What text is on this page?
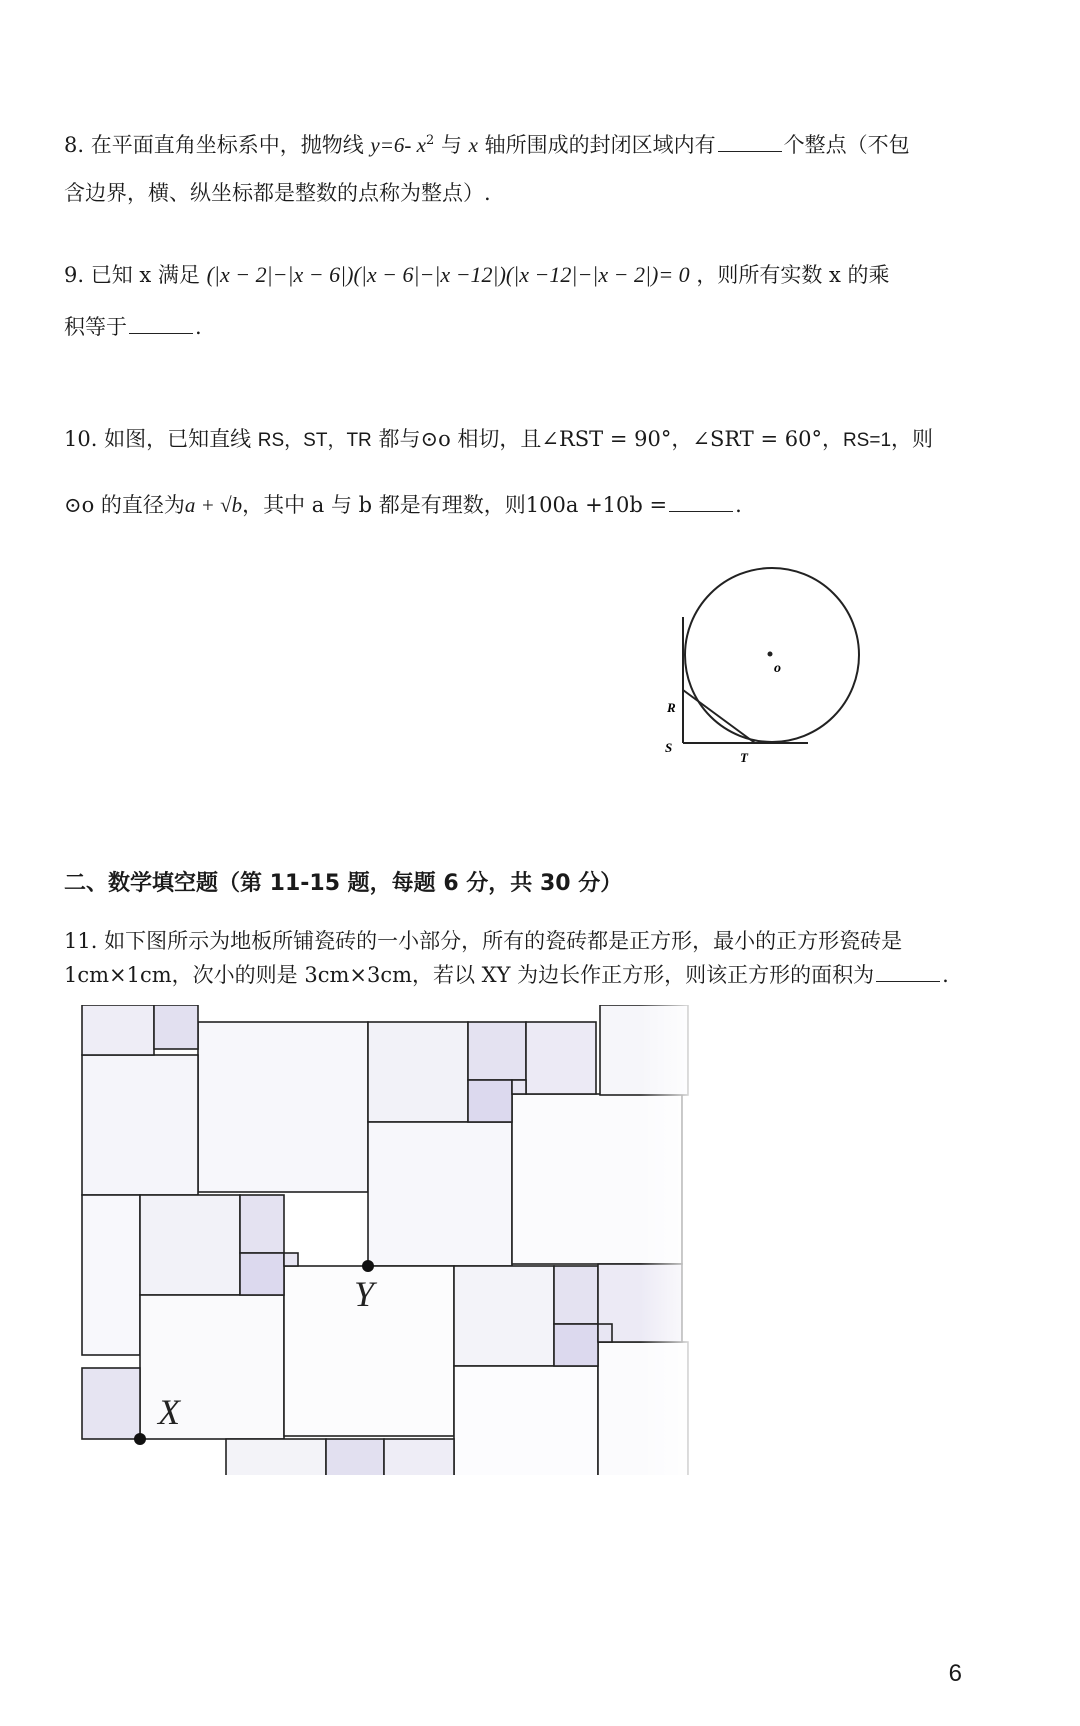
8. 在平面直角坐标系中，抛物线 y=6- $x^2$ 与 x 轴所围成的封闭区域内有	个整点（不包
含边界，横、纵坐标都是整数的点称为整点）.
9. 已知 x 满足 (|x − 2|−|x − 6|)(|x − 6|−|x −12|)(|x −12|−|x − 2|)= 0 ，则所有实数 x 的乘
积等于	.
10. 如图，已知直线 RS，ST，TR 都与⊙o 相切，且∠RST = 90°，∠SRT = 60°，RS=1，则
⊙o 的直径为a + √b，其中 a 与 b 都是有理数，则100a +10b =	.
o
R
S
T
二、数学填空题（第 11-15 题，每题 6 分，共 30 分）
11. 如下图所示为地板所铺瓷砖的一小部分，所有的瓷砖都是正方形，最小的正方形瓷砖是
1cm×1cm，次小的则是 3cm×3cm，若以 XY 为边长作正方形，则该正方形的面积为	.
Y
X
6
